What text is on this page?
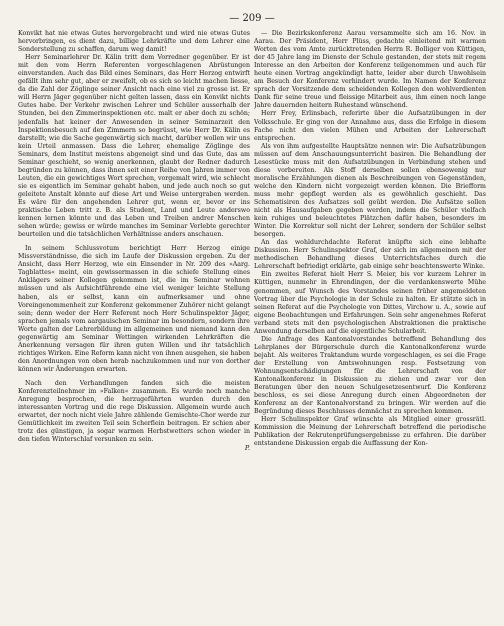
— 209 —

Konvikt hat nie etwas Gutes hervorgebracht und wird nie etwas Gutes hervorbringen, es dient dazu, billige Lehrkräfte und dem Lehrer eine Sonderstellung zu schaffen, darum weg damit!

Herr Seminarlehrer Dr. Kälin tritt dem Vorredner gegenüber. Er ist mit den vom Herrn Referenten vorgeschlagenen Abrüstungen einverstanden. Auch das Bild eines Seminars, das Herr Herzog entwirft gefällt ihm sehr gut, aber er zweifelt, ob es sich so leicht machen liesse, da die Zahl der Zöglinge seiner Ansicht nach eine viel zu grosse ist. Er will Herrn Jäger gegenüber nicht gelten lassen, dass ein Konvikt nichts Gutes habe. Der Verkehr zwischen Lehrer und Schüler ausserhalb der Stunden, bei den Zimmerinspektionen etc. malt er aber doch zu schön; jedenfalls hat keiner der Anwesenden in seiner Seminarzeit den Inspektionsbesuch auf den Zimmern so begrüsst, wie Herr Dr. Kälin es darstellt; wie die Sache gegenwärtig sich macht, darüber wollen wir uns kein Urteil anmassen. Dass die Lehrer, ehemalige Zöglinge des Seminars, dem Institut meistens abgeneigt sind und das Gute, das am Seminar geschieht, so wenig anerkennen, glaubt der Redner dadurch begründen zu können, dass ihnen seit einer Reihe von Jahren immer von Leuten, die ein gewichtiges Wort sprechen, vorgemalt wird, wie schlecht sie es eigentlich im Seminar gehabt haben, und jede auch noch so gut geleitete Anstalt könnte auf diese Art und Weise untergraben werden. Es wäre für den angehenden Lehrer gut, wenn er, bevor er ins praktische Leben tritt z. B. als Student, Land und Leute anderswo kennen lernen könnte und das Leben und Treiben andrer Menschen sehen würde; gewiss er würde manches im Seminar Verlebte gerechter beurteilen und die tatsächlichen Verhältnisse anders anschauen.

In seinem Schlussvotum berichtigt Herr Herzog einige Missverständnisse, die sich im Laufe der Diskussion ergeben. Zu der Ansicht, dass Herr Herzog, wie ein Einsender in Nr. 209 des »Aarg. Tagblattes« meint, ein gewissermassen in die schiefe Stellung eines Anklägers seiner Kollegen gekommen ist, die im Seminar wohnen müssen und als Aufsichtführende eine viel weniger leichte Stellung haben, als er selbst, kann ein aufmerksamer und ohne Voreingenommenheit zur Konferenz gekommener Zuhörer nicht gelangt sein; denn weder der Herr Referent noch Herr Schulinspektor Jäger, sprachen jemals vom aargauischen Seminar im besondern, sondern ihre Worte galten der Lehrerbildung im allgemeinen und niemand kann den gegenwärtig am Seminar Wettingen wirkenden Lehrkräften die Anerkennung versagen für ihren guten Willen und ihr tatsächlich richtiges Wirken. Eine Reform kann nicht von ihnen ausgehen, sie haben den Anordnungen von oben herab nachzukommen und nur von dorther können wir Änderungen erwarten.

Nach den Verhandlungen fanden sich die meisten Konferenzteilnehmer im »Falken« zusammen. Es wurde noch manche Anregung besprochen, die herzugeführten wurden durch den interessanten Vortrag und die rege Diskussion. Allgemein wurde auch erwartet, der noch nicht viele Jahre zählende Gemischte-Chor werde zur Gemütlichkeit im zweiten Teil sein Scherflein beitragen. Er schien aber trotz des günstigen, ja sogar warmen Herbstwetters schon wieder in den tiefen Winterschlaf versunken zu sein.

P.

— Die Bezirkskonferenz Aarau versammelte sich am 16. Nov. in Aarau. Der Präsident, Herr Plüss, gedachte einleitend mit warmen Worten des vom Amte zurücktretenden Herrn R. Bolliger von Küttigen, der 45 Jahre lang im Dienste der Schule gestanden, der stets mit regem Interesse an den Arbeiten der Konferenz teilgenommen und auch für heute einen Vortrag angekündigt hatte, leider aber durch Unwohlsein am Besuch der Konferenz verhindert wurde. Im Namen der Konferenz sprach der Vorsitzende dem scheidenden Kollegen den wohlverdienten Dank für seine treue und fleissige Mitarbeit aus, ihm einen noch lange Jahre dauernden heitern Ruhestand wünschend.

Herr Frey, Erlinsbach, referirte über die Aufsatzübungen in der Volksschule. Er ging von der Annahme aus, dass die Erfolge in diesem Fache nicht den vielen Mühen und Arbeiten der Lehrerschaft entsprechen.

Als von ihm aufgestellte Hauptsätze nennen wir: Die Aufsatzübungen müssen auf dem Anschauungsunterricht basiren. Die Behandlung der Lesestücke muss mit den Aufsatzübungen in Verbindung stehen und diese vorbereiten. Als Stoff derselben sollen ebensowenig nur moralische Erzählungen dienen als Beschreibungen von Gegenständen, welche den Kindern nicht vorgezeigt werden können. Die Briefform muss mehr gepflegt werden als es gewöhnlich geschieht. Das Schematisiren des Aufsatzes soll geübt werden. Die Aufsätze sollen nicht als Hausaufgaben gegeben werden, indem die Schüler vielfach kein ruhiges und beleuchtetes Plätzchen dafür haben, besonders im Winter. Die Korrektur soll nicht der Lehrer, sondern der Schüler selbst besorgen.

An das wohldurchdachte Referat knüpfte sich eine lebhafte Diskussion. Herr Schulinspektor Graf, der sich im allgemeinen mit der methodischen Behandlung dieses Unterrichtsfaches durch die Lehrerschaft befriedigt erklärte, gab einige sehr beachtenswerte Winke.

Ein zweites Referat hielt Herr S. Meier, bis vor kurzem Lehrer in Küttigen, nunmehr in Ehrendingen, der die verdankenswerte Mühe genommen, auf Wunsch des Vorstandes seinen früher angemeldeten Vortrag über die Psychologie in der Schule zu halten. Er stützte sich in seinen Referat auf die Psychologie von Dittes, Virchow u. A., sowie auf eigene Beobachtungen und Erfahrungen. Sein sehr angenehmes Referat verband stets mit den psychologischen Abstraktionen die praktische Anwendung derselben auf die eigentliche Schularbeit.

Die Anfrage des Kantonalvorstandes betreffend Behandlung des Lehrplanes der Bürgerschule durch die Kantonalkonferenz wurde bejaht. Als weiteres Traktandum wurde vorgeschlagen, es sei die Frage der Erstellung von Amtswohnungen resp. Festsetzung von Wohnungsentschädigungen für die Lehrerschaft von der Kantonalkonferenz in Diskussion zu ziehen und zwar vor den Beratungen über den neuen Schulgesetzesentwurf. Die Konferenz beschloss, es sei diese Anregung durch einen Abgeordneten der Konferenz an der Kantonalvorstand zu bringen. Wir werden auf die Begründung dieses Beschlusses demnächst zu sprechen kommen.

Herr Schulinspektor Graf wünschte als Mitglied einer grossrätl. Kommission die Meinung der Lehrerschaft betreffend die periodische Publikation der Rekrutenprüfungsergebnisse zu erfahren. Die darüber entstandene Diskussion ergab die Auffassung der Kon-
